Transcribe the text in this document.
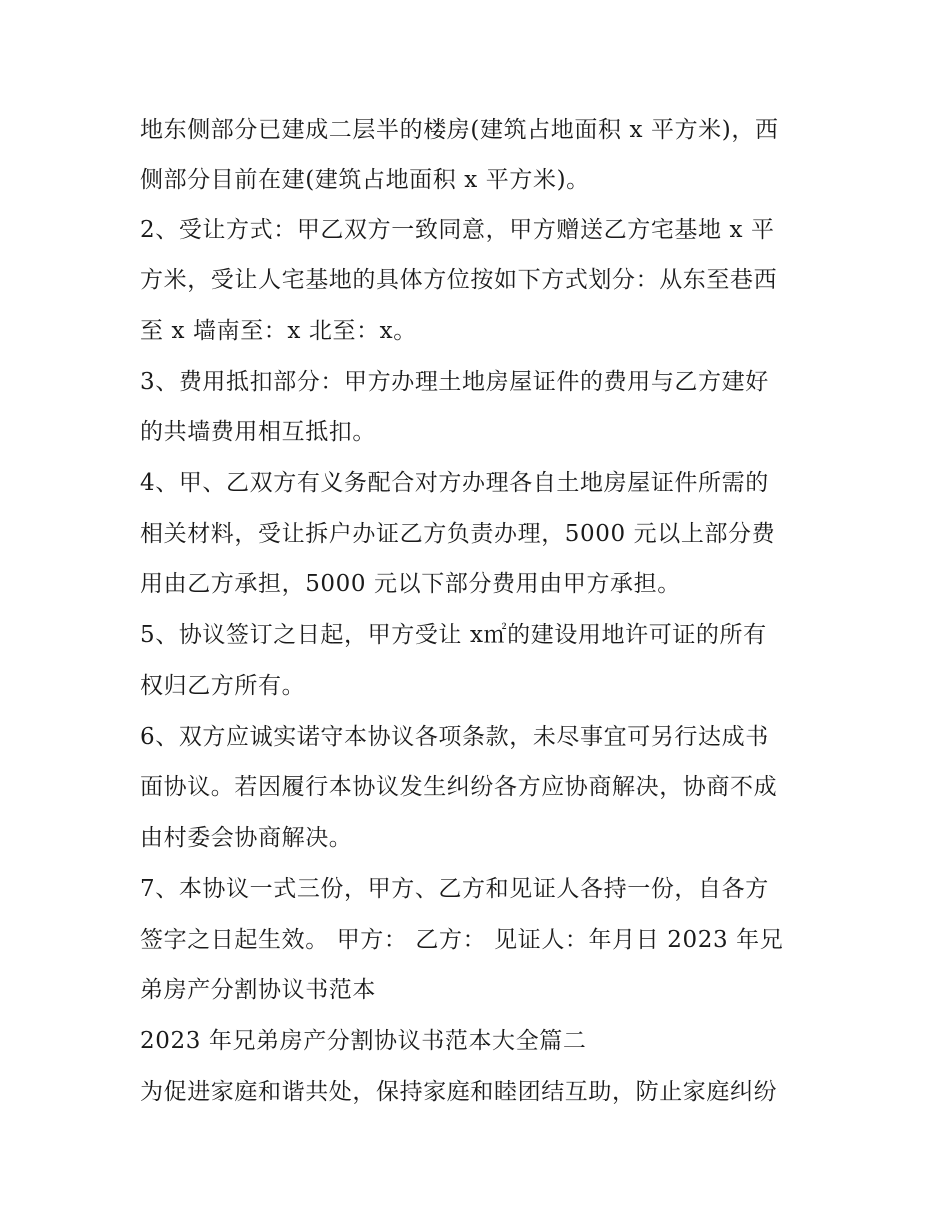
地东侧部分已建成二层半的楼房(建筑占地面积 x 平方米)，西
侧部分目前在建(建筑占地面积 x 平方米)。
2、受让方式：甲乙双方一致同意，甲方赠送乙方宅基地 x 平
方米，受让人宅基地的具体方位按如下方式划分：从东至巷西
至 x 墙南至：x 北至：x。
3、费用抵扣部分：甲方办理土地房屋证件的费用与乙方建好
的共墙费用相互抵扣。
4、甲、乙双方有义务配合对方办理各自土地房屋证件所需的
相关材料，受让拆户办证乙方负责办理，5000 元以上部分费
用由乙方承担，5000 元以下部分费用由甲方承担。
5、协议签订之日起，甲方受让 x㎡的建设用地许可证的所有
权归乙方所有。
6、双方应诚实诺守本协议各项条款，未尽事宜可另行达成书
面协议。若因履行本协议发生纠纷各方应协商解决，协商不成
由村委会协商解决。
7、本协议一式三份，甲方、乙方和见证人各持一份，自各方
签字之日起生效。 甲方： 乙方： 见证人：年月日 2023 年兄
弟房产分割协议书范本
2023 年兄弟房产分割协议书范本大全篇二
为促进家庭和谐共处，保持家庭和睦团结互助，防止家庭纠纷
